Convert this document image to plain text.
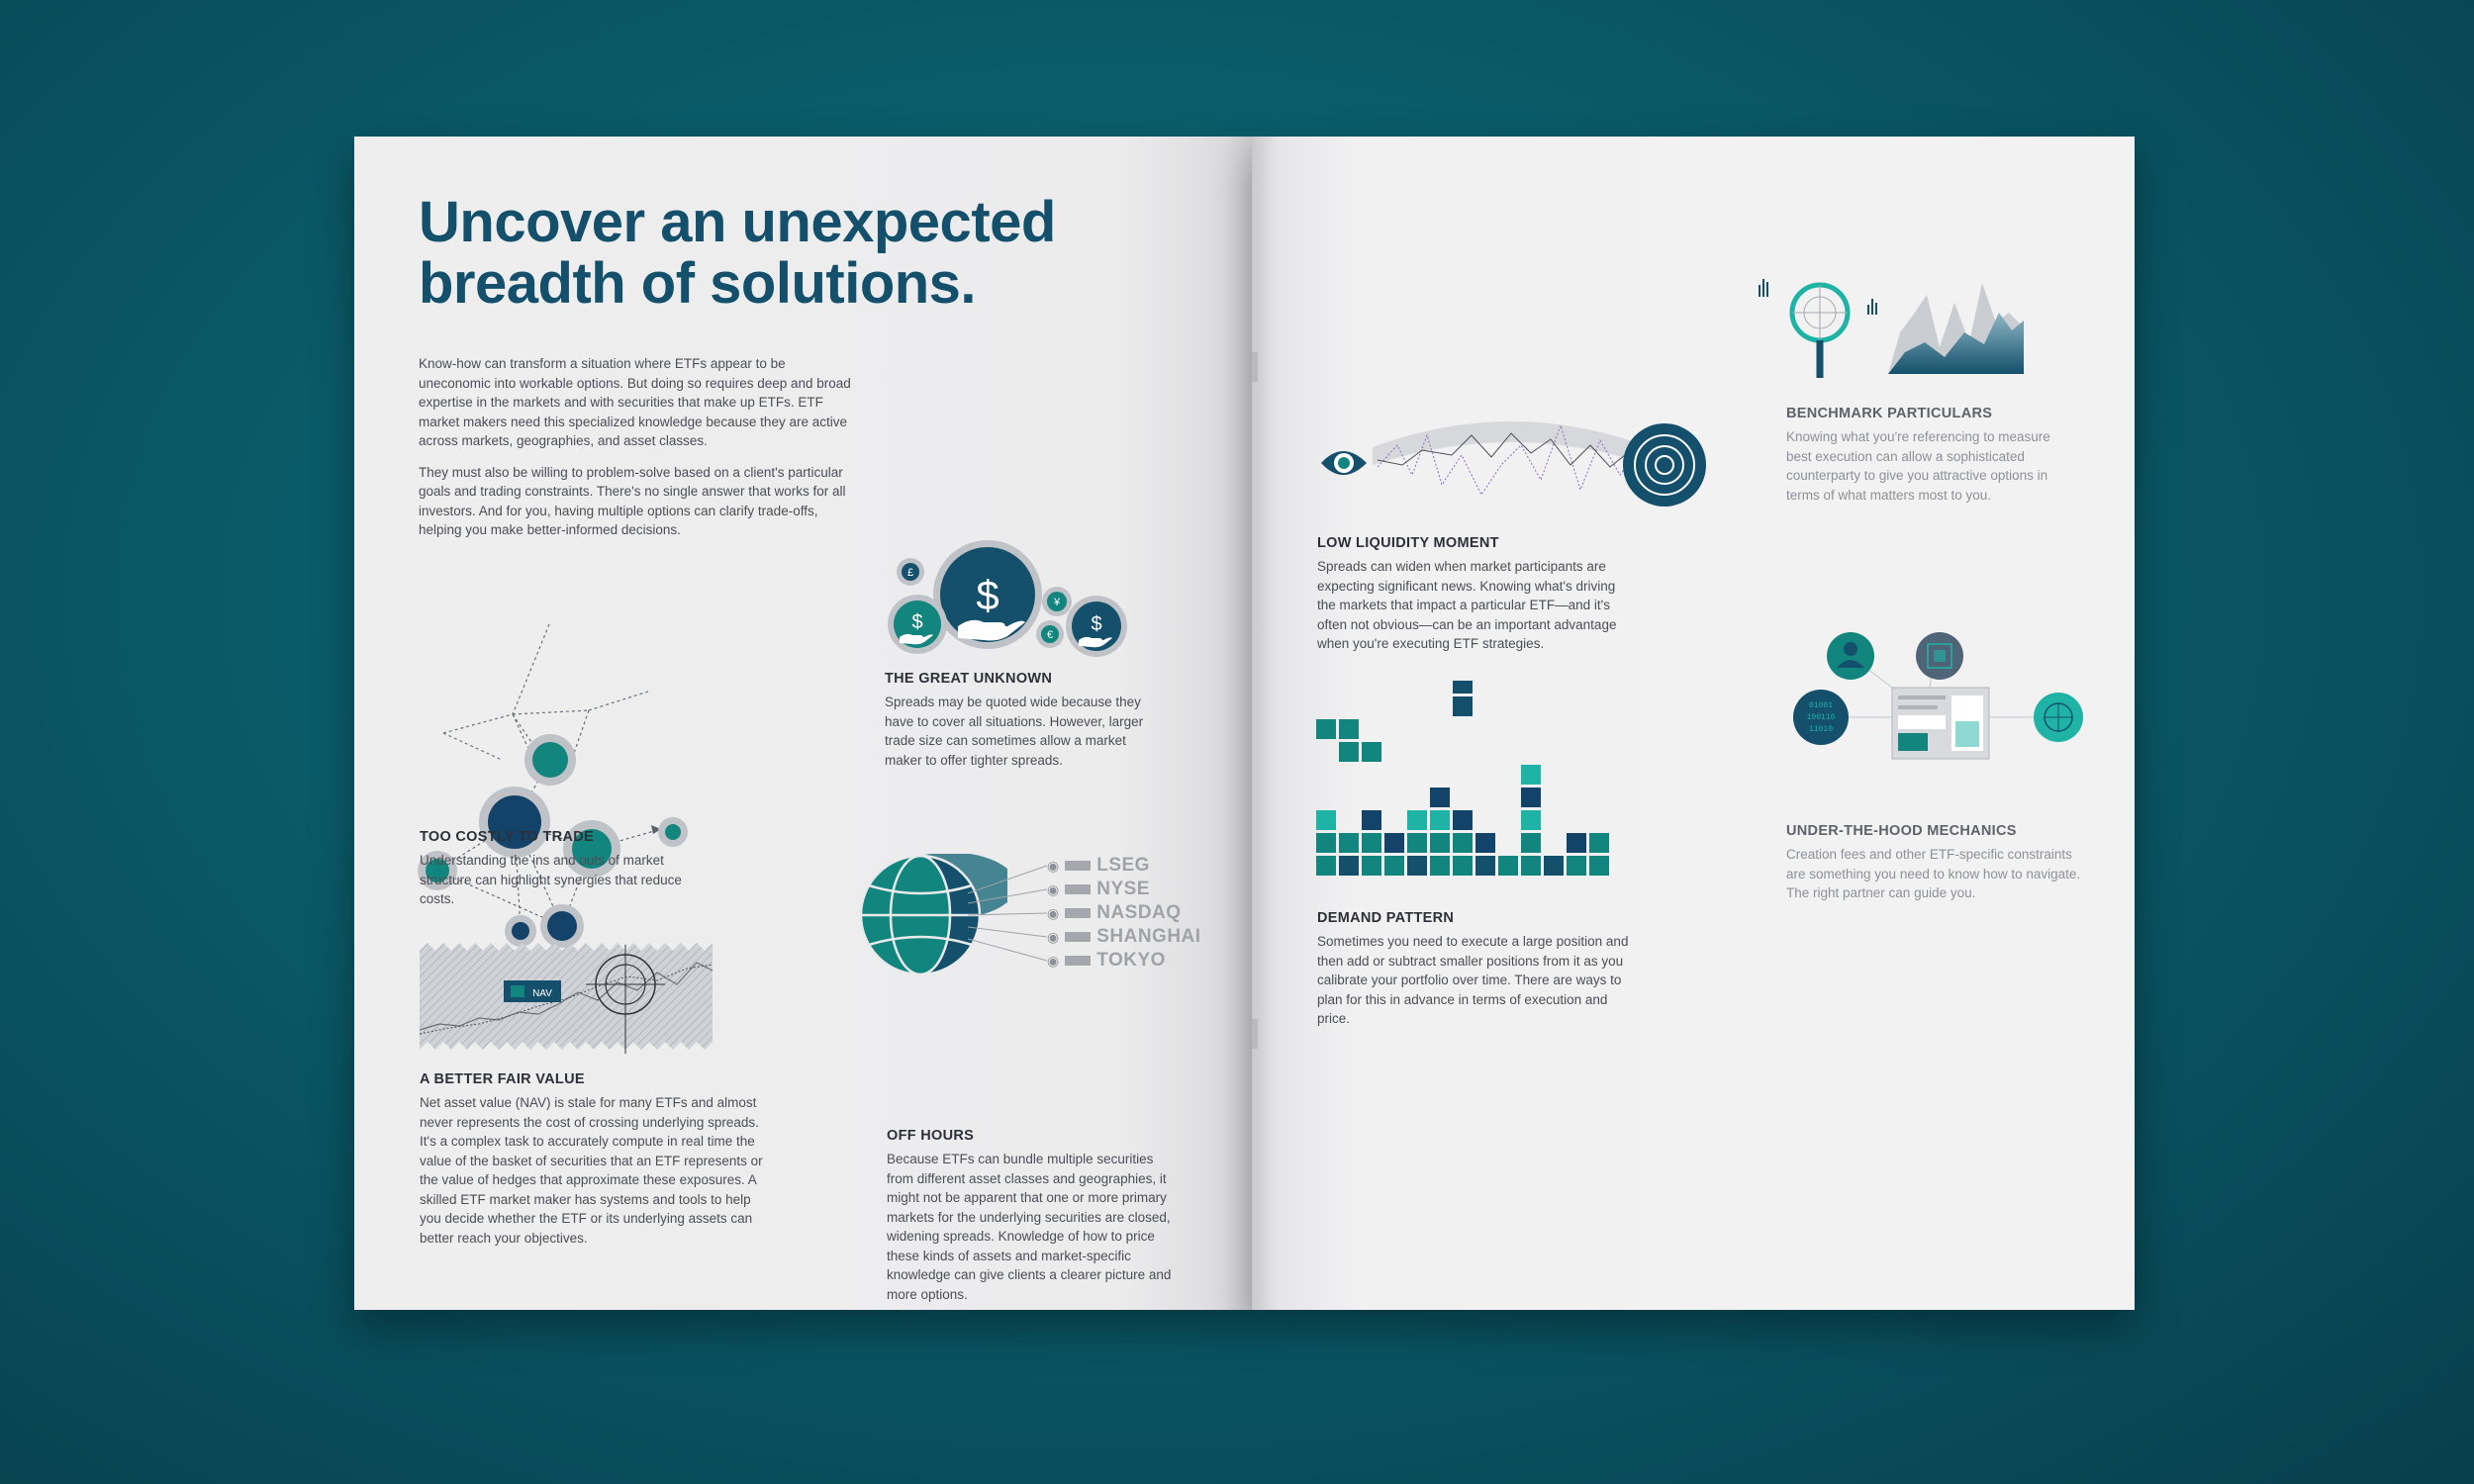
Uncover an unexpected breadth of solutions.

Know-how can transform a situation where ETFs appear to be uneconomic into workable options. But doing so requires deep and broad expertise in the markets and with securities that make up ETFs. ETF market makers need this specialized knowledge because they are active across markets, geographies, and asset classes.

They must also be willing to problem-solve based on a client's particular goals and trading constraints. There's no single answer that works for all investors. And for you, having multiple options can clarify trade-offs, helping you make better-informed decisions.

TOO COSTLY TO TRADE
Understanding the ins and outs of market structure can highlight synergies that reduce costs.
$
$	$
£
¥
€
THE GREAT UNKNOWN
Spreads may be quoted wide because they have to cover all situations. However, larger trade size can sometimes allow a market maker to offer tighter spreads.
NAV
A BETTER FAIR VALUE
Net asset value (NAV) is stale for many ETFs and almost never represents the cost of crossing underlying spreads. It's a complex task to accurately compute in real time the value of the basket of securities that an ETF represents or the value of hedges that approximate these exposures. A skilled ETF market maker has systems and tools to help you decide whether the ETF or its underlying assets can better reach your objectives.
◉ LSEG
◉ NYSE
◉ NASDAQ
◉ SHANGHAI
◉ TOKYO
OFF HOURS
Because ETFs can bundle multiple securities from different asset classes and geographies, it might not be apparent that one or more primary markets for the underlying securities are closed, widening spreads. Knowledge of how to price these kinds of assets and market-specific knowledge can give clients a clearer picture and more options.
LOW LIQUIDITY MOMENT
Spreads can widen when market participants are expecting significant news. Knowing what's driving the markets that impact a particular ETF—and it's often not obvious—can be an important advantage when you're executing ETF strategies.
DEMAND PATTERN
Sometimes you need to execute a large position and then add or subtract smaller positions from it as you calibrate your portfolio over time. There are ways to plan for this in advance in terms of execution and price.
BENCHMARK PARTICULARS
Knowing what you're referencing to measure best execution can allow a sophisticated counterparty to give you attractive options in terms of what matters most to you.
01001
100110
11010
UNDER-THE-HOOD MECHANICS
Creation fees and other ETF-specific constraints are something you need to know how to navigate. The right partner can guide you.
